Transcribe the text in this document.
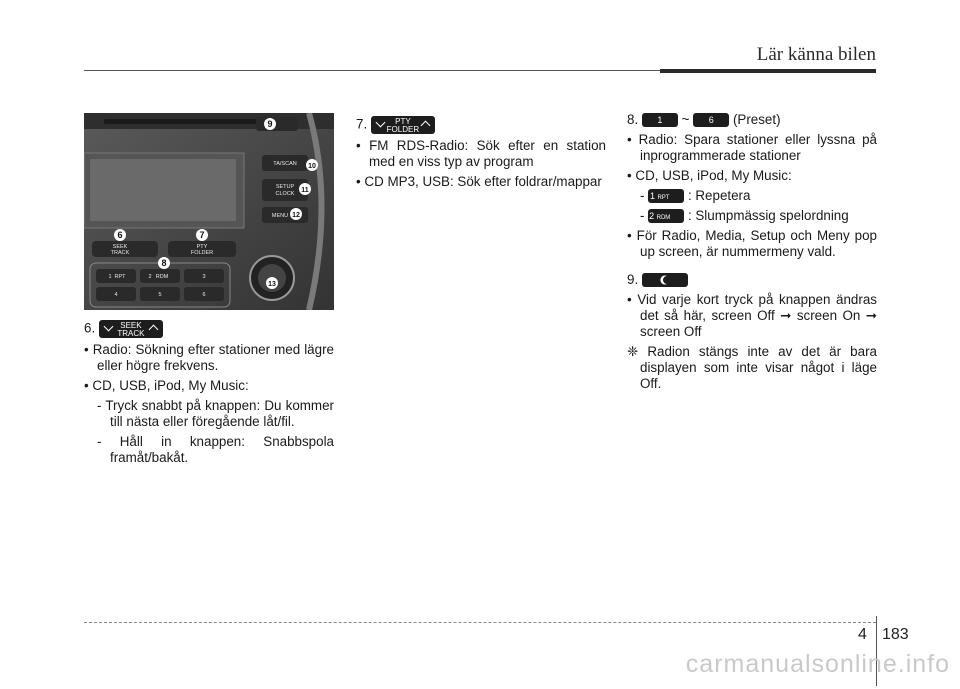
Lär känna bilen
TA/SCAN
SETUP
CLOCK
MENU
SEEK
TRACK
PTY
FOLDER
1 RPT	2 RDM	3
4	5	6
6	7
8
9
10
11
12
13

6.	SEEK
TRACK

• Radio: Sökning efter stationer med lägre eller högre frekvens.

• CD, USB, iPod, My Music:

- Tryck snabbt på knappen: Du kommer till nästa eller föregående låt/fil.

- Håll in knappen: Snabbspola framåt/bakåt.

7.	PTY
FOLDER

• FM RDS-Radio: Sök efter en station med en viss typ av program

• CD MP3, USB: Sök efter foldrar/mappar

8. 1 ~ 6 (Preset)

• Radio: Spara stationer eller lyssna på inprogrammerade stationer

• CD, USB, iPod, My Music:

- 1 RPT : Repetera

- 2 RDM : Slumpmässig spelordning

• För Radio, Media, Setup och Meny pop up screen, är nummermeny vald.

9.

• Vid varje kort tryck på knappen ändras det så här, screen Off ➞ screen On ➞ screen Off

❈ Radion stängs inte av det är bara displayen som inte visar något i läge Off.

4 183
carmanualsonline.info
